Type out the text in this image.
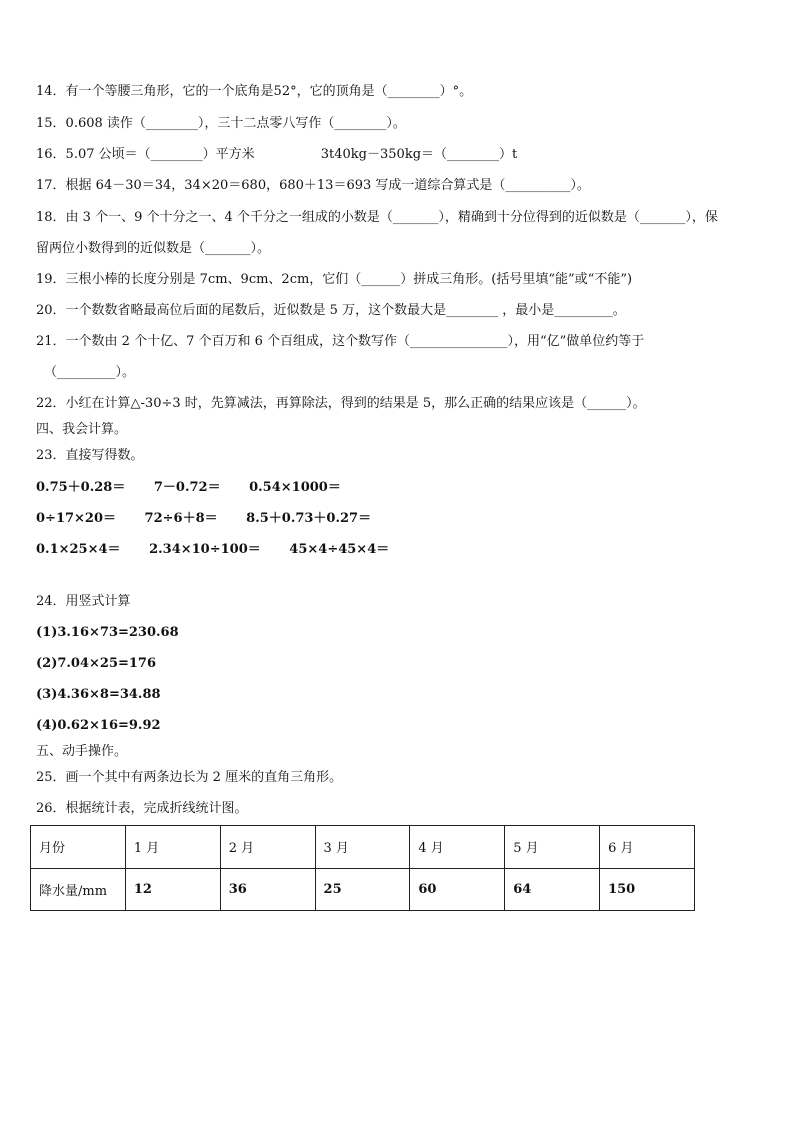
14．有一个等腰三角形，它的一个底角是52°，它的顶角是（________）°。
15．0.608 读作（________），三十二点零八写作（________）。
16．5.07 公顷＝（________）平方米	3t40kg－350kg＝（________）t
17．根据 64－30＝34，34×20＝680，680＋13＝693 写成一道综合算式是（__________）。
18．由 3 个一、9 个十分之一、4 个千分之一组成的小数是（_______），精确到十分位得到的近似数是（_______），保
留两位小数得到的近似数是（_______）。
19．三根小棒的长度分别是 7cm、9cm、2cm，它们（______）拼成三角形。(括号里填“能”或“不能”)
20．一个数数省略最高位后面的尾数后，近似数是 5 万，这个数最大是________ ，最小是_________。
21．一个数由 2 个十亿、7 个百万和 6 个百组成，这个数写作（_______________），用“亿”做单位约等于
（_________）。
22．小红在计算△-30÷3 时，先算减法，再算除法，得到的结果是 5，那么正确的结果应该是（______）。
四、我会计算。
23．直接写得数。
0.75＋0.28＝ 7－0.72＝ 0.54×1000＝
0÷17×20＝ 72÷6＋8＝ 8.5＋0.73＋0.27＝
0.1×25×4＝ 2.34×10÷100＝ 45×4÷45×4＝
24．用竖式计算
(1)3.16×73=230.68
(2)7.04×25=176
(3)4.36×8=34.88
(4)0.62×16=9.92
五、动手操作。
25．画一个其中有两条边长为 2 厘米的直角三角形。
26．根据统计表，完成折线统计图。
月份	1 月	2 月	3 月	4 月	5 月	6 月
降水量/mm	12	36	25	60	64	150
